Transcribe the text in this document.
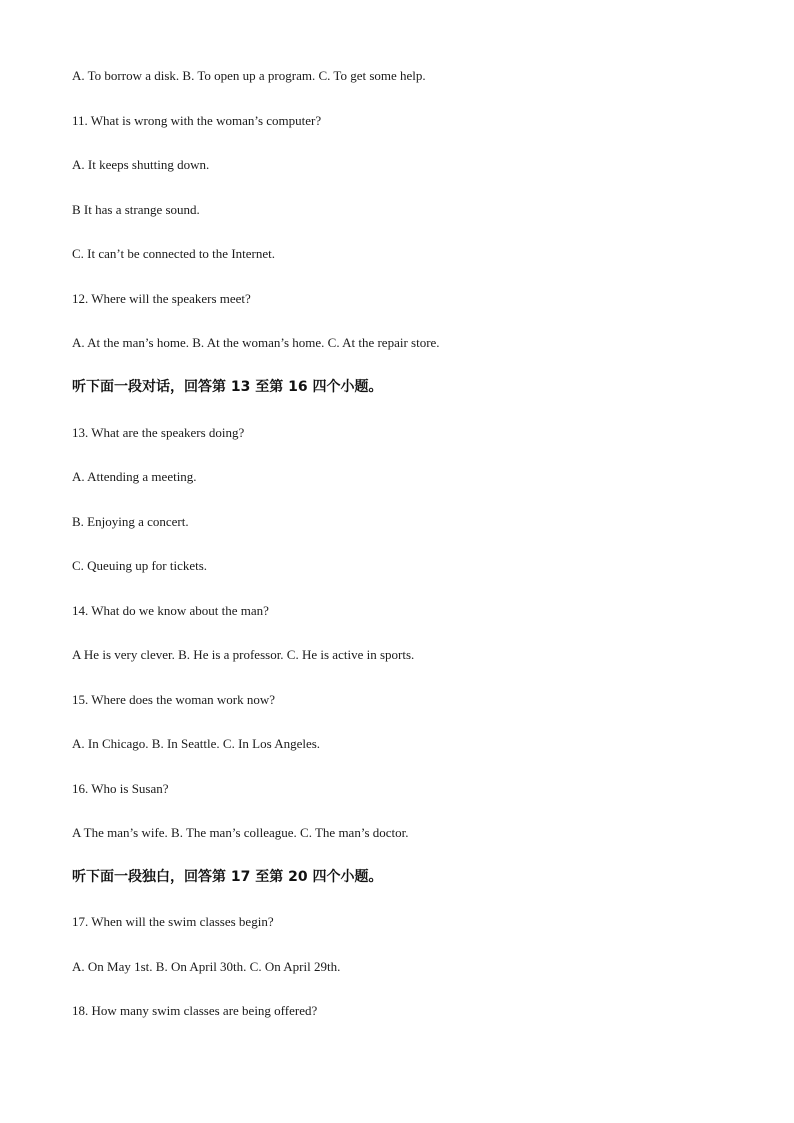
A. To borrow a disk. B. To open up a program. C. To get some help.
11. What is wrong with the woman’s computer?
A. It keeps shutting down.
B It has a strange sound.
C. It can’t be connected to the Internet.
12. Where will the speakers meet?
A. At the man’s home. B. At the woman’s home. C. At the repair store.
听下面一段对话，回答第 13 至第 16 四个小题。
13. What are the speakers doing?
A. Attending a meeting.
B. Enjoying a concert.
C. Queuing up for tickets.
14. What do we know about the man?
A He is very clever. B. He is a professor. C. He is active in sports.
15. Where does the woman work now?
A. In Chicago. B. In Seattle. C. In Los Angeles.
16. Who is Susan?
A The man’s wife. B. The man’s colleague. C. The man’s doctor.
听下面一段独白，回答第 17 至第 20 四个小题。
17. When will the swim classes begin?
A. On May 1st. B. On April 30th. C. On April 29th.
18. How many swim classes are being offered?
